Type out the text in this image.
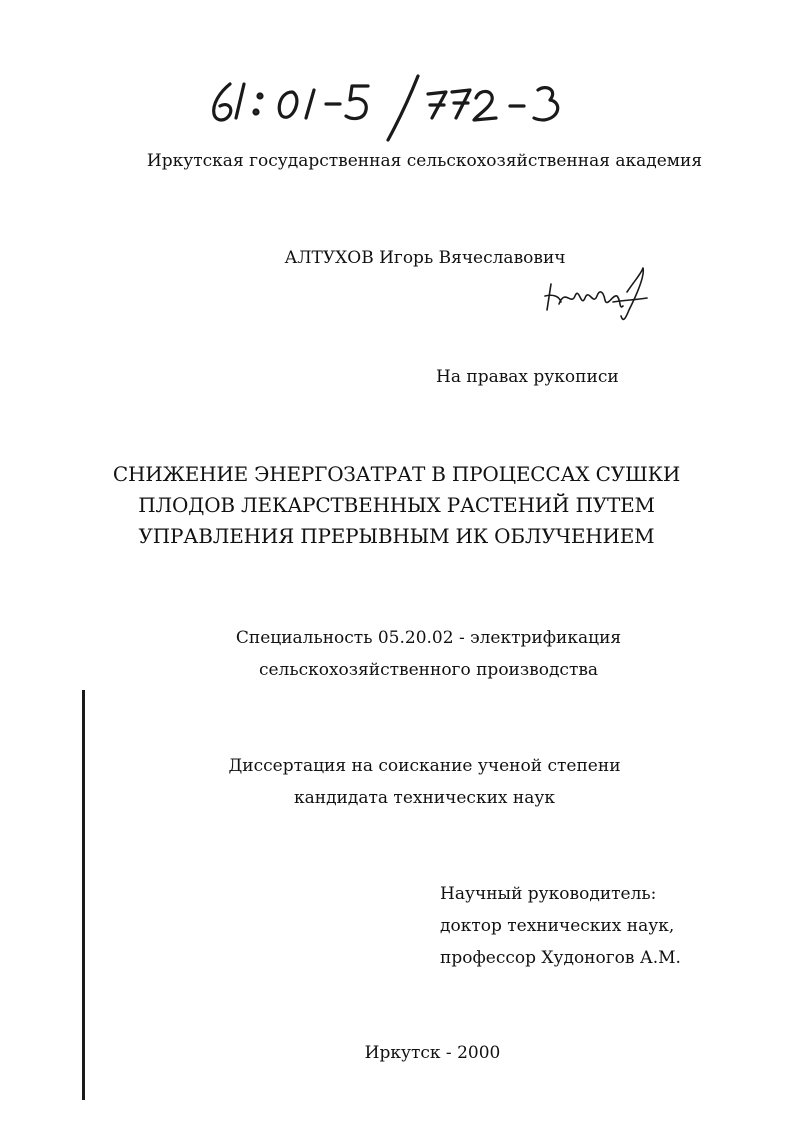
Иркутская государственная сельскохозяйственная академия
АЛТУХОВ Игорь Вячеславович
На правах рукописи
СНИЖЕНИЕ ЭНЕРГОЗАТРАТ В ПРОЦЕССАХ СУШКИ
ПЛОДОВ ЛЕКАРСТВЕННЫХ РАСТЕНИЙ ПУТЕМ
УПРАВЛЕНИЯ ПРЕРЫВНЫМ ИК ОБЛУЧЕНИЕМ
Специальность 05.20.02 - электрификация
сельскохозяйственного производства
Диссертация на соискание ученой степени
кандидата технических наук
Научный руководитель:
доктор технических наук,
профессор Худоногов А.М.
Иркутск - 2000
